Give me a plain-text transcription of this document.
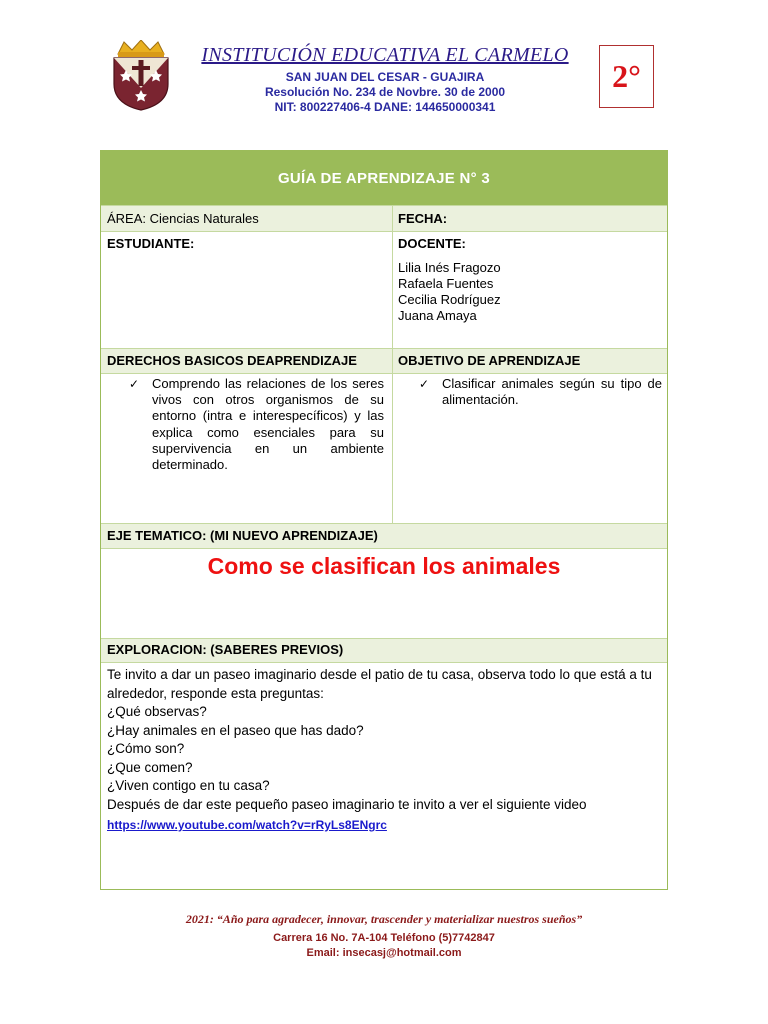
INSTITUCIÓN EDUCATIVA EL CARMELO
SAN JUAN DEL CESAR - GUAJIRA
Resolución No. 234 de Novbre. 30 de 2000
NIT: 800227406-4 DANE: 144650000341
2°
GUÍA DE APRENDIZAJE N° 3
ÁREA: Ciencias Naturales	FECHA:
ESTUDIANTE:	DOCENTE:
Lilia Inés Fragozo
Rafaela Fuentes
Cecilia Rodríguez
Juana Amaya
DERECHOS BASICOS DEAPRENDIZAJE	OBJETIVO DE APRENDIZAJE
✓ Comprendo las relaciones de los seres vivos con otros organismos de su entorno (intra e interespecíficos) y las explica como esenciales para su supervivencia en un ambiente determinado.
✓ Clasificar animales según su tipo de alimentación.
EJE TEMATICO: (MI NUEVO APRENDIZAJE)
Como se clasifican los animales
EXPLORACION: (SABERES PREVIOS)
Te invito a dar un paseo imaginario desde el patio de tu casa, observa todo lo que está a tu alrededor, responde esta preguntas:
¿Qué observas?
¿Hay animales en el paseo que has dado?
¿Cómo son?
¿Que comen?
¿Viven contigo en tu casa?
Después de dar este pequeño paseo imaginario te invito a ver el siguiente video
https://www.youtube.com/watch?v=rRyLs8ENgrc
2021: “Año para agradecer, innovar, trascender y materializar nuestros sueños”
Carrera 16 No. 7A-104 Teléfono (5)7742847
Email: insecasj@hotmail.com
